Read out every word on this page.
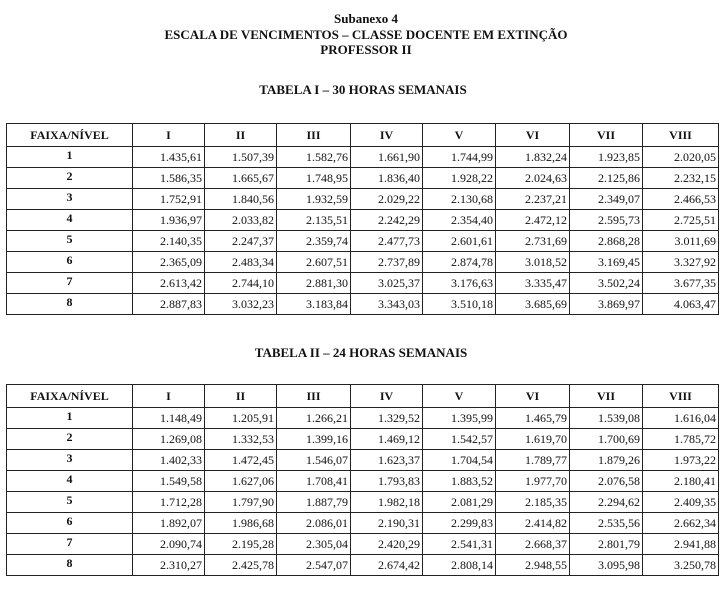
Subanexo 4
ESCALA DE VENCIMENTOS – CLASSE DOCENTE EM EXTINÇÃO
PROFESSOR II
TABELA I – 30 HORAS SEMANAIS
FAIXA/NÍVEL	I	II	III	IV	V	VI	VII	VIII
1	1.435,61	1.507,39	1.582,76	1.661,90	1.744,99	1.832,24	1.923,85	2.020,05
2	1.586,35	1.665,67	1.748,95	1.836,40	1.928,22	2.024,63	2.125,86	2.232,15
3	1.752,91	1.840,56	1.932,59	2.029,22	2.130,68	2.237,21	2.349,07	2.466,53
4	1.936,97	2.033,82	2.135,51	2.242,29	2.354,40	2.472,12	2.595,73	2.725,51
5	2.140,35	2.247,37	2.359,74	2.477,73	2.601,61	2.731,69	2.868,28	3.011,69
6	2.365,09	2.483,34	2.607,51	2.737,89	2.874,78	3.018,52	3.169,45	3.327,92
7	2.613,42	2.744,10	2.881,30	3.025,37	3.176,63	3.335,47	3.502,24	3.677,35
8	2.887,83	3.032,23	3.183,84	3.343,03	3.510,18	3.685,69	3.869,97	4.063,47
TABELA II – 24 HORAS SEMANAIS
FAIXA/NÍVEL	I	II	III	IV	V	VI	VII	VIII
1	1.148,49	1.205,91	1.266,21	1.329,52	1.395,99	1.465,79	1.539,08	1.616,04
2	1.269,08	1.332,53	1.399,16	1.469,12	1.542,57	1.619,70	1.700,69	1.785,72
3	1.402,33	1.472,45	1.546,07	1.623,37	1.704,54	1.789,77	1.879,26	1.973,22
4	1.549,58	1.627,06	1.708,41	1.793,83	1.883,52	1.977,70	2.076,58	2.180,41
5	1.712,28	1.797,90	1.887,79	1.982,18	2.081,29	2.185,35	2.294,62	2.409,35
6	1.892,07	1.986,68	2.086,01	2.190,31	2.299,83	2.414,82	2.535,56	2.662,34
7	2.090,74	2.195,28	2.305,04	2.420,29	2.541,31	2.668,37	2.801,79	2.941,88
8	2.310,27	2.425,78	2.547,07	2.674,42	2.808,14	2.948,55	3.095,98	3.250,78
